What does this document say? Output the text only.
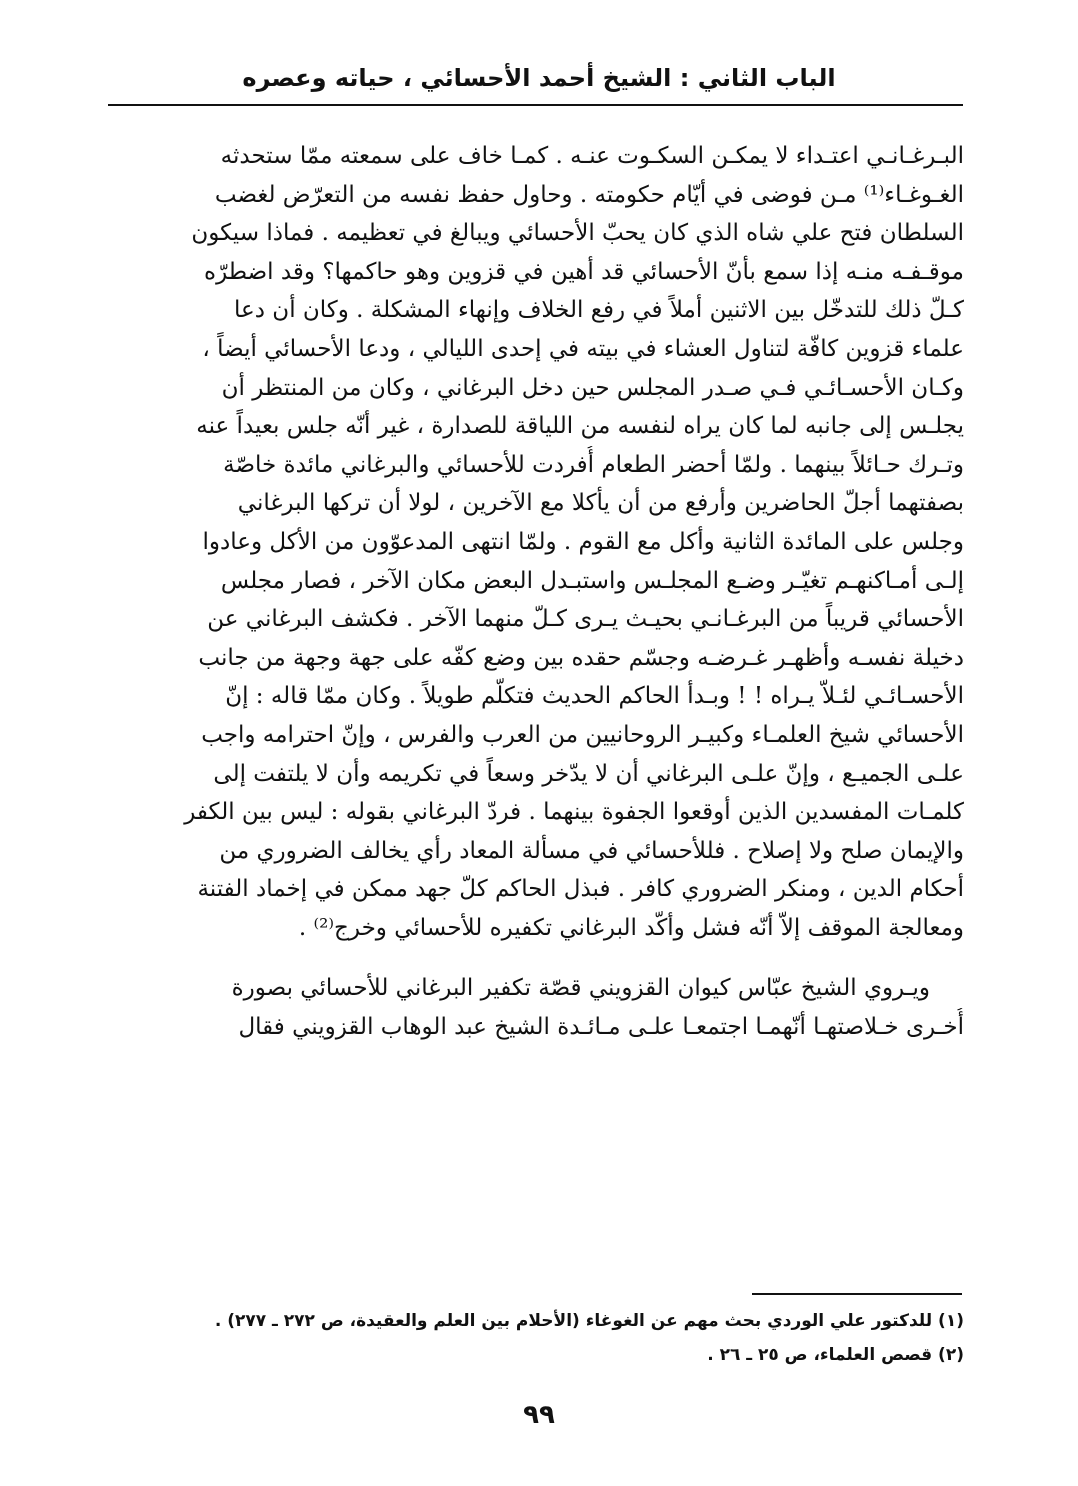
الباب الثاني : الشيخ أحمد الأحسائي ، حياته وعصره
البـرغـانـي اعتـداء لا يمكـن السكـوت عنـه . كمـا خاف على سمعته ممّا ستحدثه
الغـوغـاء⁽¹⁾ مـن فوضى في أيّام حكومته . وحاول حفظ نفسه من التعرّض لغضب
السلطان فتح علي شاه الذي كان يحبّ الأحسائي ويبالغ في تعظيمه . فماذا سيكون
موقـفـه منـه إذا سمع بأنّ الأحسائي قد أهين في قزوين وهو حاكمها؟ وقد اضطرّه
كـلّ ذلك للتدخّل بين الاثنين أملاً في رفع الخلاف وإنهاء المشكلة . وكان أن دعا
علماء قزوين كافّة لتناول العشاء في بيته في إحدى الليالي ، ودعا الأحسائي أيضاً ،
وكـان الأحسـائـي فـي صـدر المجلس حين دخل البرغاني ، وكان من المنتظر أن
يجلـس إلى جانبه لما كان يراه لنفسه من اللياقة للصدارة ، غير أنّه جلس بعيداً عنه
وتـرك حـائلاً بينهما . ولمّا أحضر الطعام أُفردت للأحسائي والبرغاني مائدة خاصّة
بصفتهما أجلّ الحاضرين وأرفع من أن يأكلا مع الآخرين ، لولا أن تركها البرغاني
وجلس على المائدة الثانية وأكل مع القوم . ولمّا انتهى المدعوّون من الأكل وعادوا
إلـى أمـاكنهـم تغيّـر وضـع المجلـس واستبـدل البعض مكان الآخر ، فصار مجلس
الأحسائي قريباً من البرغـانـي بحيـث يـرى كـلّ منهما الآخر . فكشف البرغاني عن
دخيلة نفسـه وأظهـر غـرضـه وجسّم حقده بين وضع كفّه على جهة وجهة من جانب
الأحسـائـي لئـلاّ يـراه ! ! وبـدأ الحاكم الحديث فتكلّم طويلاً . وكان ممّا قاله : إنّ
الأحسائي شيخ العلمـاء وكبيـر الروحانيين من العرب والفرس ، وإنّ احترامه واجب
علـى الجميـع ، وإنّ علـى البرغاني أن لا يدّخر وسعاً في تكريمه وأن لا يلتفت إلى
كلمـات المفسدين الذين أوقعوا الجفوة بينهما . فردّ البرغاني بقوله : ليس بين الكفر
والإيمان صلح ولا إصلاح . فللأحسائي في مسألة المعاد رأي يخالف الضروري من
أحكام الدين ، ومنكر الضروري كافر . فبذل الحاكم كلّ جهد ممكن في إخماد الفتنة
ومعالجة الموقف إلاّ أنّه فشل وأكّد البرغاني تكفيره للأحسائي وخرج⁽²⁾ .
ويـروي الشيخ عبّاس كيوان القزويني قصّة تكفير البرغاني للأحسائي بصورة
أُخـرى خـلاصتهـا أنّهمـا اجتمعـا علـى مـائـدة الشيخ عبد الوهاب القزويني فقال
(١) للدكتور علي الوردي بحث مهم عن الغوغاء (الأحلام بين العلم والعقيدة، ص ٢٧٢ ـ ٢٧٧) .
(٢) قصص العلماء، ص ٢٥ ـ ٢٦ .
٩٩
